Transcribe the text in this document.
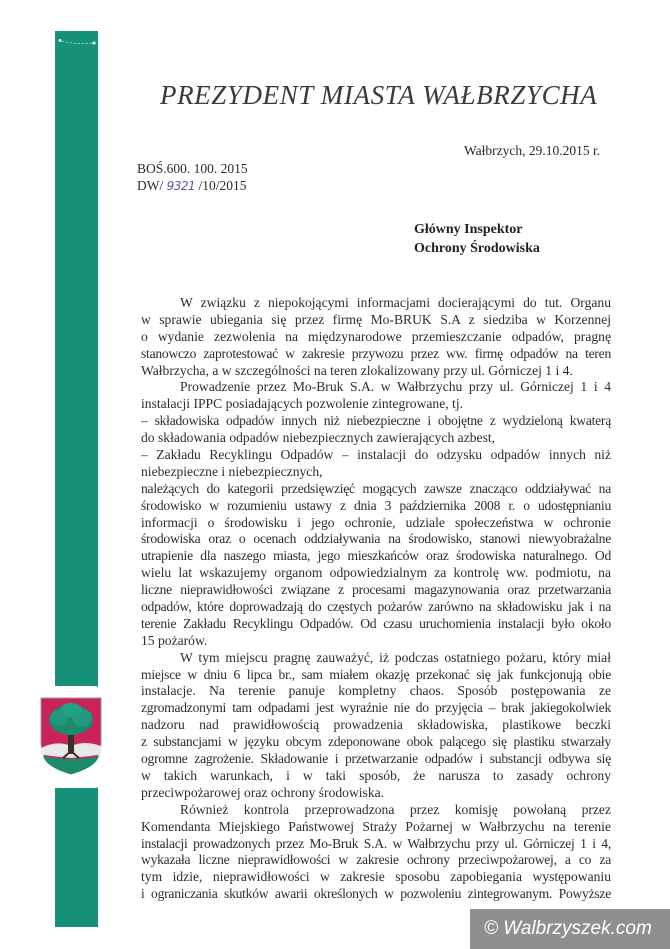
PREZYDENT MIASTA WAŁBRZYCHA
Wałbrzych, 29.10.2015 r.
BOŚ.600. 100. 2015
DW/ 9321 /10/2015
Główny Inspektor
Ochrony Środowiska
W związku z niepokojącymi informacjami docierającymi do tut. Organu
w sprawie ubiegania się przez firmę Mo-BRUK S.A z siedziba w Korzennej
o wydanie zezwolenia na międzynarodowe przemieszczanie odpadów, pragnę
stanowczo zaprotestować w zakresie przywozu przez ww. firmę odpadów na teren
Wałbrzycha, a w szczególności na teren zlokalizowany przy ul. Górniczej 1 i 4.
Prowadzenie przez Mo-Bruk S.A. w Wałbrzychu przy ul. Górniczej 1 i 4
instalacji IPPC posiadających pozwolenie zintegrowane, tj.
– składowiska odpadów innych niż niebezpieczne i obojętne z wydzieloną kwaterą
do składowania odpadów niebezpiecznych zawierających azbest,
– Zakładu Recyklingu Odpadów – instalacji do odzysku odpadów innych niż
niebezpieczne i niebezpiecznych,
należących do kategorii przedsięwzięć mogących zawsze znacząco oddziaływać na
środowisko w rozumieniu ustawy z dnia 3 października 2008 r. o udostępnianiu
informacji o środowisku i jego ochronie, udziale społeczeństwa w ochronie
środowiska oraz o ocenach oddziaływania na środowisko, stanowi niewyobrażalne
utrapienie dla naszego miasta, jego mieszkańców oraz środowiska naturalnego. Od
wielu lat wskazujemy organom odpowiedzialnym za kontrolę ww. podmiotu, na
liczne nieprawidłowości związane z procesami magazynowania oraz przetwarzania
odpadów, które doprowadzają do częstych pożarów zarówno na składowisku jak i na
terenie Zakładu Recyklingu Odpadów. Od czasu uruchomienia instalacji było około
15 pożarów.
W tym miejscu pragnę zauważyć, iż podczas ostatniego pożaru, który miał
miejsce w dniu 6 lipca br., sam miałem okazję przekonać się jak funkcjonują obie
instalacje. Na terenie panuje kompletny chaos. Sposób postępowania ze
zgromadzonymi tam odpadami jest wyraźnie nie do przyjęcia – brak jakiegokolwiek
nadzoru nad prawidłowością prowadzenia składowiska, plastikowe beczki
z substancjami w języku obcym zdeponowane obok palącego się plastiku stwarzały
ogromne zagrożenie. Składowanie i przetwarzanie odpadów i substancji odbywa się
w takich warunkach, i w taki sposób, że narusza to zasady ochrony
przeciwpożarowej oraz ochrony środowiska.
Również kontrola przeprowadzona przez komisję powołaną przez
Komendanta Miejskiego Państwowej Straży Pożarnej w Wałbrzychu na terenie
instalacji prowadzonych przez Mo-Bruk S.A. w Wałbrzychu przy ul. Górniczej 1 i 4,
wykazała liczne nieprawidłowości w zakresie ochrony przeciwpożarowej, a co za
tym idzie, nieprawidłowości w zakresie sposobu zapobiegania występowaniu
i ograniczania skutków awarii określonych w pozwoleniu zintegrowanym. Powyższe
© Walbrzyszek.com
